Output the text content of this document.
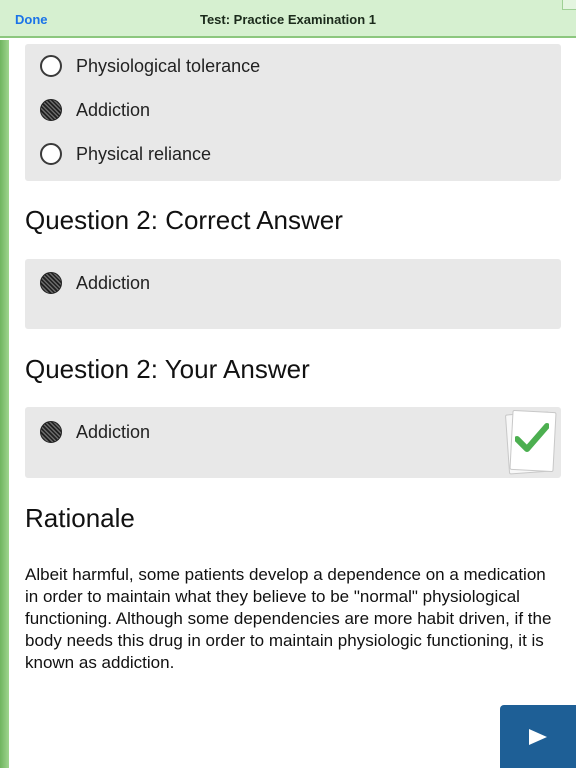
Done	Test: Practice Examination 1
Physiological tolerance
Addiction
Physical reliance
Question 2: Correct Answer
Addiction
Question 2: Your Answer
Addiction
Rationale
Albeit harmful, some patients develop a dependence on a medication in order to maintain what they believe to be "normal" physiological functioning. Although some dependencies are more habit driven, if the body needs this drug in order to maintain physiologic functioning, it is known as addiction.
